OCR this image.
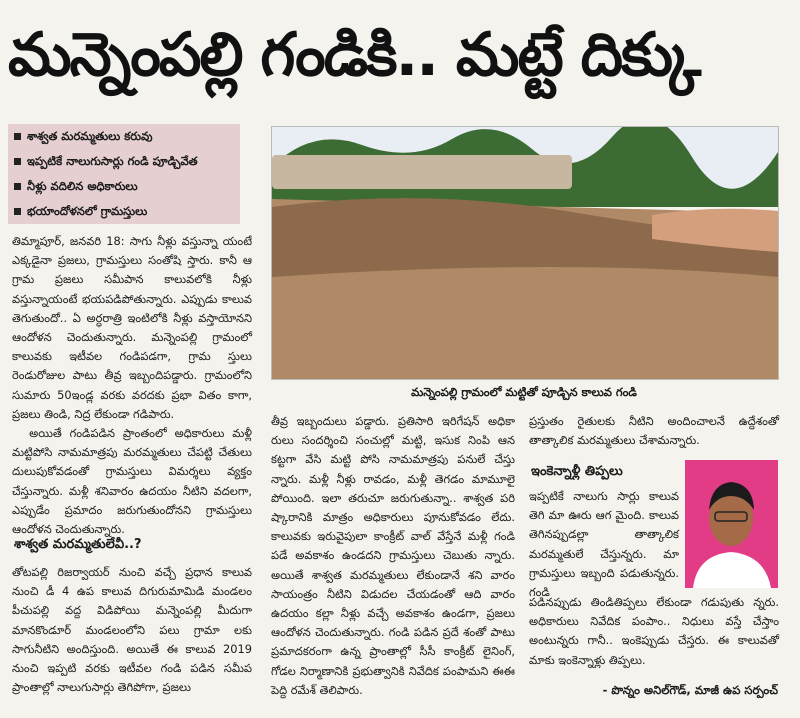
మన్నెంపల్లి గండికి.. మట్టే దిక్కు
శాశ్వత మరమ్మతులు కరువు
ఇప్పటికే నాలుగుసార్లు గండి పూడ్చివేత
నీళ్లు వదిలిన అధికారులు
భయాందోళనలో గ్రామస్తులు

తిమ్మాపూర్, జనవరి 18: సాగు నీళ్లు వస్తున్నా యంటే ఎక్కడైనా ప్రజలు, గ్రామస్తులు సంతోషి స్తారు. కానీ ఆ గ్రామ ప్రజలు సమీపాన కాలువలోకి నీళ్లు వస్తున్నాయంటే భయపడిపోతున్నారు. ఎప్పుడు కాలువ తెగుతుందో.. ఏ అర్ధరాత్రి ఇంటిలోకి నీళ్లు వస్తాయోనని ఆందోళన చెందుతున్నారు. మన్నెంపల్లి గ్రామంలో కాలువకు ఇటీవల గండిపడగా, గ్రామ స్తులు రెండురోజుల పాటు తీవ్ర ఇబ్బందిపడ్డారు. గ్రామంలోని సుమారు 50ఇండ్ల వరకు వరదకు ప్రభా వితం కాగా, ప్రజలు తిండి, నిద్ర లేకుండా గడిపారు.

అయితే గండిపడిన ప్రాంతంలో అధికారులు మళ్లీ మట్టిపోసి నామమాత్రపు మరమ్మతులు చేపట్టి చేతులు దులుపుకోవడంతో గ్రామస్తులు విమర్శలు వ్యక్తం చేస్తున్నారు. మళ్లీ శనివారం ఉదయం నీటిని వదలగా, ఎప్పుడేం ప్రమాదం జరుగుతుందోనని గ్రామస్తులు ఆందోళన చెందుతున్నారు.

శాశ్వత మరమ్మతులేవీ..?

తోటపల్లి రిజర్వాయర్ నుంచి వచ్చే ప్రధాన కాలువ నుంచి డీ 4 ఉప కాలువ దిగురుమామిడి మండలం పీచుపల్లి వద్ద విడిపోయి మన్నెంపల్లి మీదుగా మానకొండూర్ మండలంలోని పలు గ్రామా లకు సాగునీటిని అందిస్తుంది. అయితే ఈ కాలువ 2019 నుంచి ఇప్పటి వరకు ఇటీవల గండి పడిన సమీప ప్రాంతాల్లో నాలుగుసార్లు తెగిపోగా, ప్రజలు

మన్నెంపల్లి గ్రామంలో మట్టితో పూడ్చిన కాలువ గండి

తీవ్ర ఇబ్బందులు పడ్డారు. ప్రతిసారి ఇరిగేషన్ అధికా రులు సందర్శించి సంచుల్లో మట్టి, ఇసుక నింపి ఆన కట్టగా వేసి మట్టి పోసి నామమాత్రపు పనులే చేస్తు న్నారు. మళ్లీ నీళ్లు రావడం, మళ్లీ తెగడం మామూలై పోయింది. ఇలా తరుచూ జరుగుతున్నా.. శాశ్వత పరి ష్కారానికి మాత్రం అధికారులు పూనుకోవడం లేదు. కాలువకు ఇరువైపులా కాంక్రీట్ వాల్ వేస్తేనే మళ్లీ గండి పడే అవకాశం ఉండదని గ్రామస్తులు చెబుతు న్నారు. అయితే శాశ్వత మరమ్మతులు లేకుండానే శని వారం సాయంత్రం నీటిని విడుదల చేయడంతో ఆది వారం ఉదయం కల్లా నీళ్లు వచ్చే అవకాశం ఉండగా, ప్రజలు ఆందోళన చెందుతున్నారు. గండి పడిన ప్రదే శంతో పాటు ప్రమాదకరంగా ఉన్న ప్రాంతాల్లో సీసీ కాంక్రీట్ లైనింగ్, గోడల నిర్మాణానికి ప్రభుత్వానికి నివేదిక పంపామని ఈఈ పెద్ది రమేశ్ తెలిపారు.

ప్రస్తుతం రైతులకు నీటిని అందించాలనే ఉద్దేశంతో తాత్కాలిక మరమ్మతులు చేశామన్నారు.

ఇంకెన్నాళ్లీ తిప్పలు

ఇప్పటికే నాలుగు సార్లు కాలువ తెగి మా ఊరు ఆగ మైంది. కాలువ తెగినప్పుడల్లా తాత్కాలిక మరమ్మతులే చేస్తున్నరు. మా గ్రామస్తులు ఇబ్బంది పడుతున్నరు. గండి

పడినప్పుడు తిండితిప్పలు లేకుండా గడుపుతు న్నరు. అధికారులు నివేదిక పంపాం.. నిధులు వస్తే చేస్తాం అంటున్నరు గానీ.. ఇంకెప్పుడు చేస్తరు. ఈ కాలువతో మాకు ఇంకెన్నాళ్లు తిప్పలు.

- పొన్నం అనిల్‌గౌడ్, మాజీ ఉప సర్పంచ్
